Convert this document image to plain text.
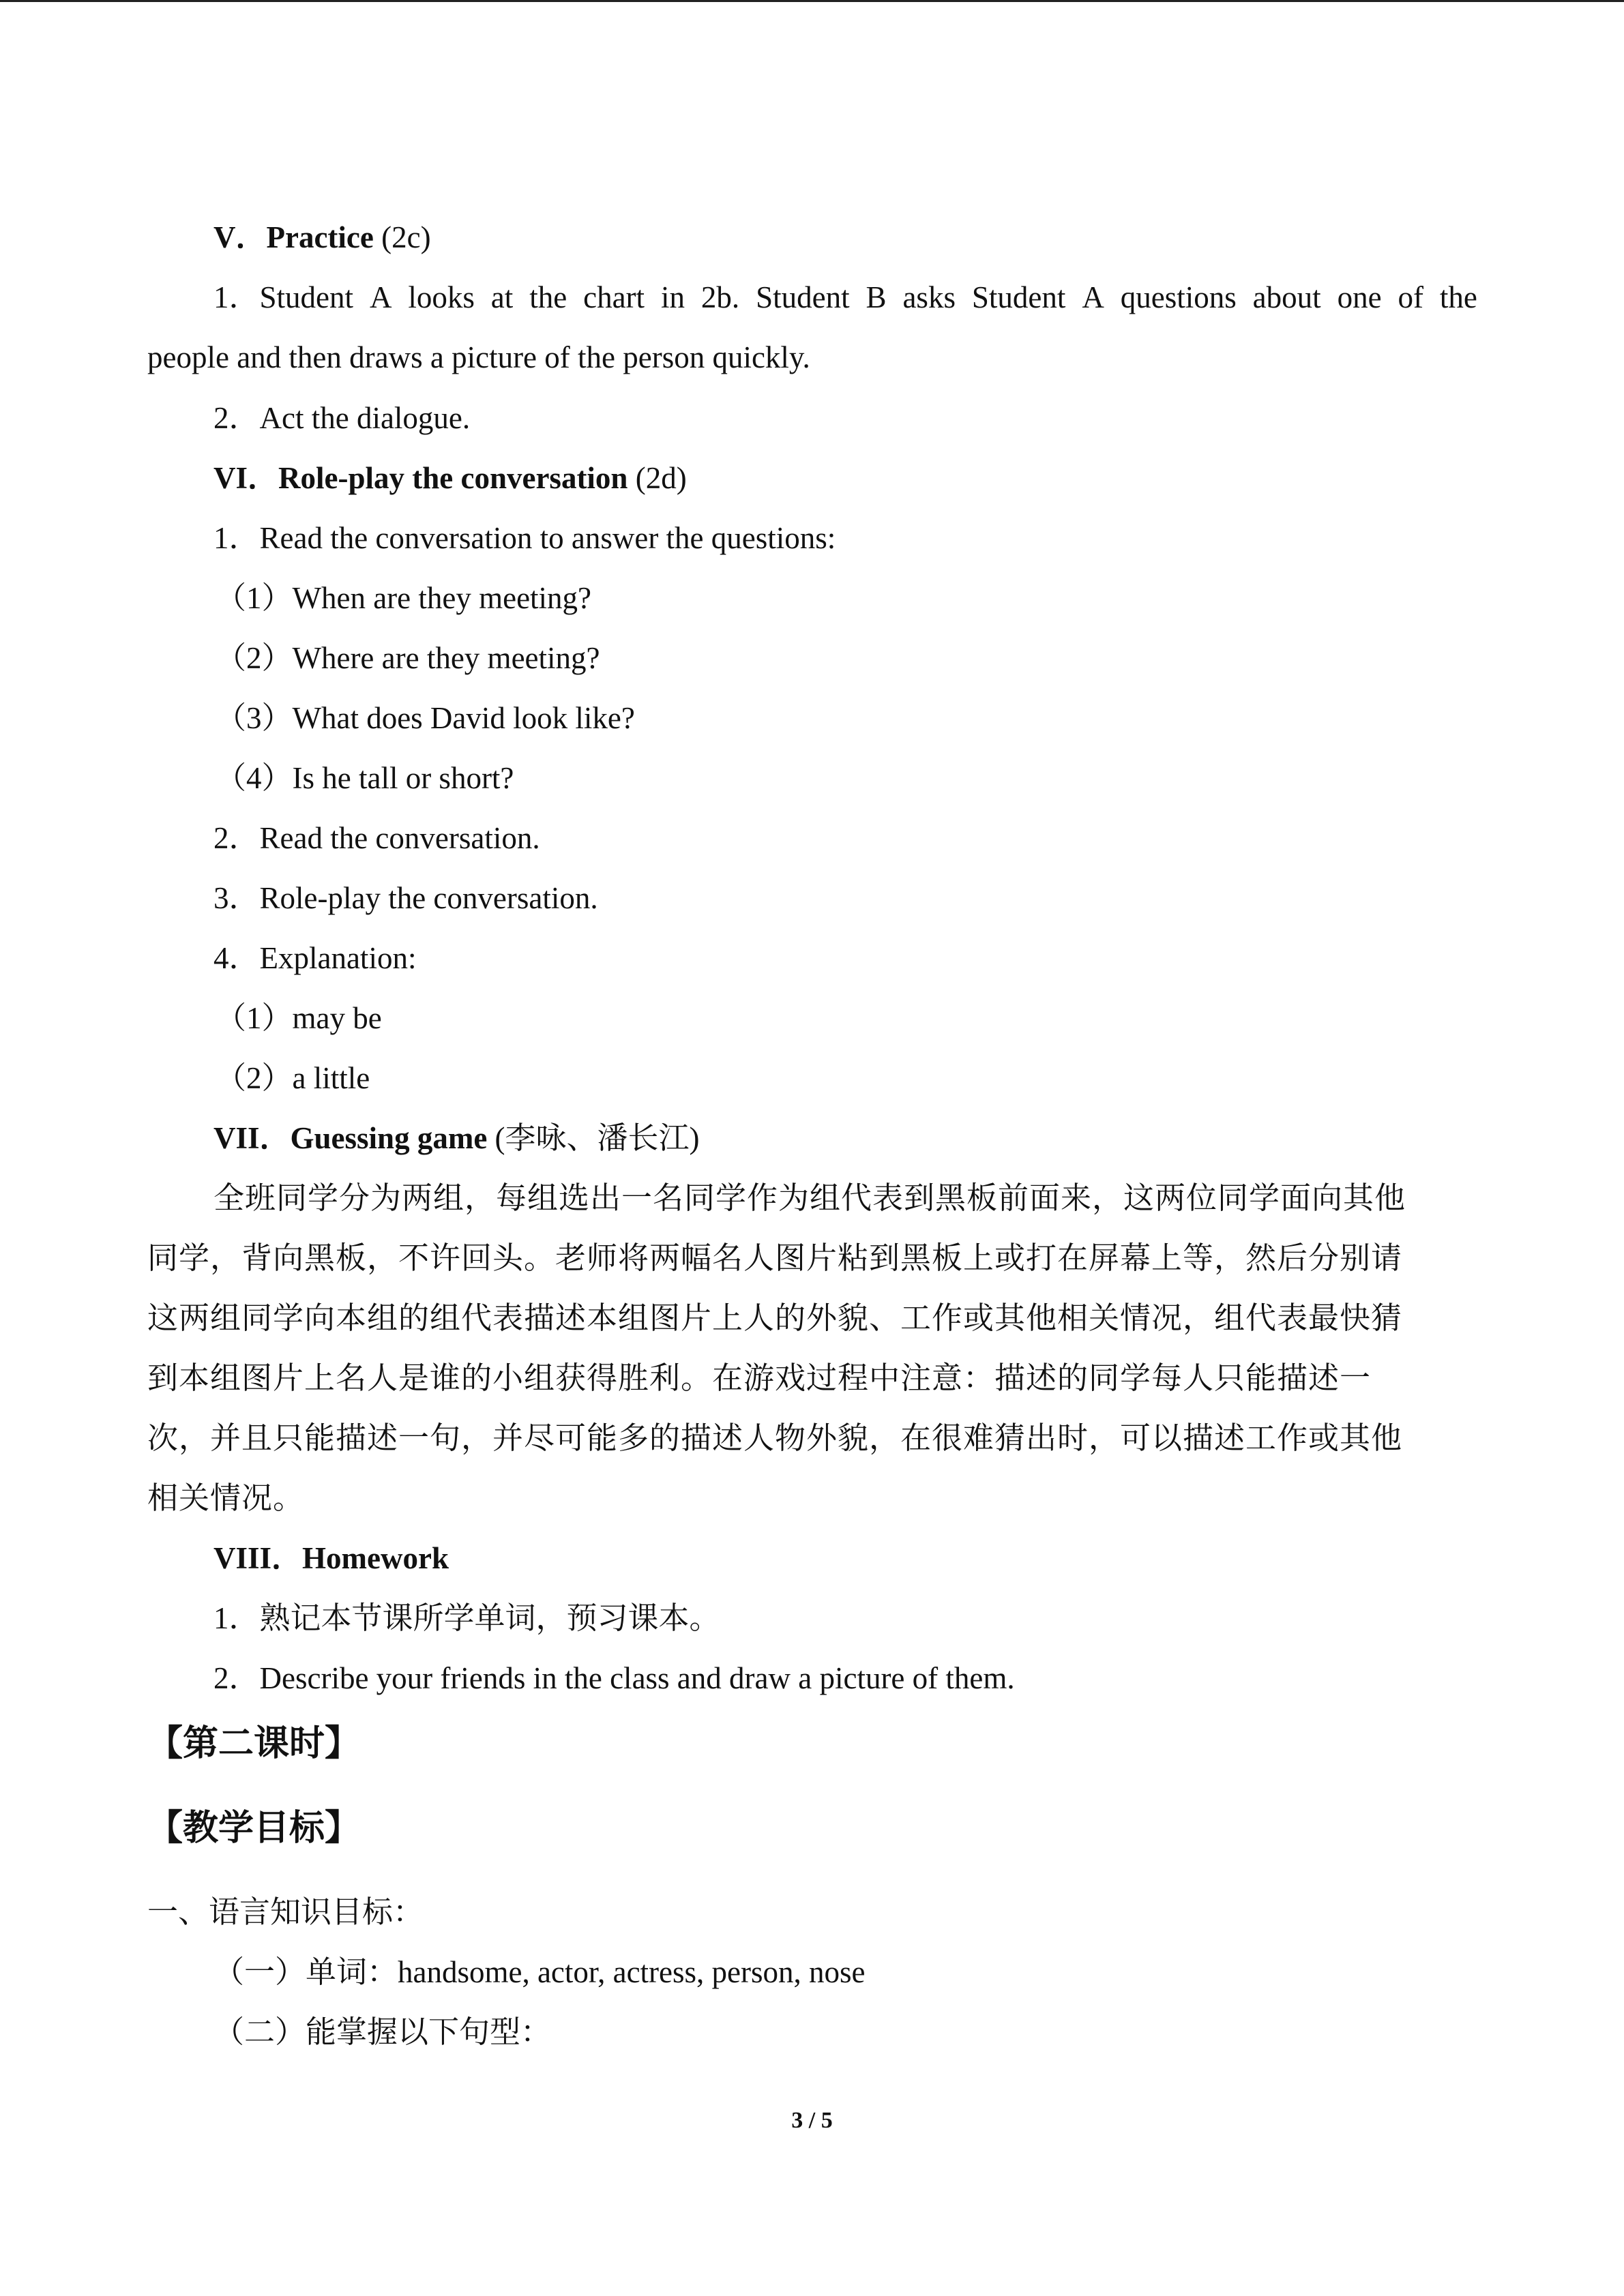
V．Practice (2c)
1．Student A looks at the chart in 2b. Student B asks Student A questions about one of the
people and then draws a picture of the person quickly.
2．Act the dialogue.
VI．Role-play the conversation (2d)
1．Read the conversation to answer the questions:
（1）When are they meeting?
（2）Where are they meeting?
（3）What does David look like?
（4）Is he tall or short?
2．Read the conversation.
3．Role-play the conversation.
4．Explanation:
（1）may be
（2）a little
VII．Guessing game (李咏、潘长江)
全班同学分为两组，每组选出一名同学作为组代表到黑板前面来，这两位同学面向其他
同学，背向黑板，不许回头。老师将两幅名人图片粘到黑板上或打在屏幕上等，然后分别请
这两组同学向本组的组代表描述本组图片上人的外貌、工作或其他相关情况，组代表最快猜
到本组图片上名人是谁的小组获得胜利。在游戏过程中注意：描述的同学每人只能描述一
次，并且只能描述一句，并尽可能多的描述人物外貌，在很难猜出时，可以描述工作或其他
相关情况。
VIII．Homework
1．熟记本节课所学单词，预习课本。
2．Describe your friends in the class and draw a picture of them.
【第二课时】
【教学目标】
一、语言知识目标：
（一）单词：handsome, actor, actress, person, nose
（二）能掌握以下句型：
3 / 5
